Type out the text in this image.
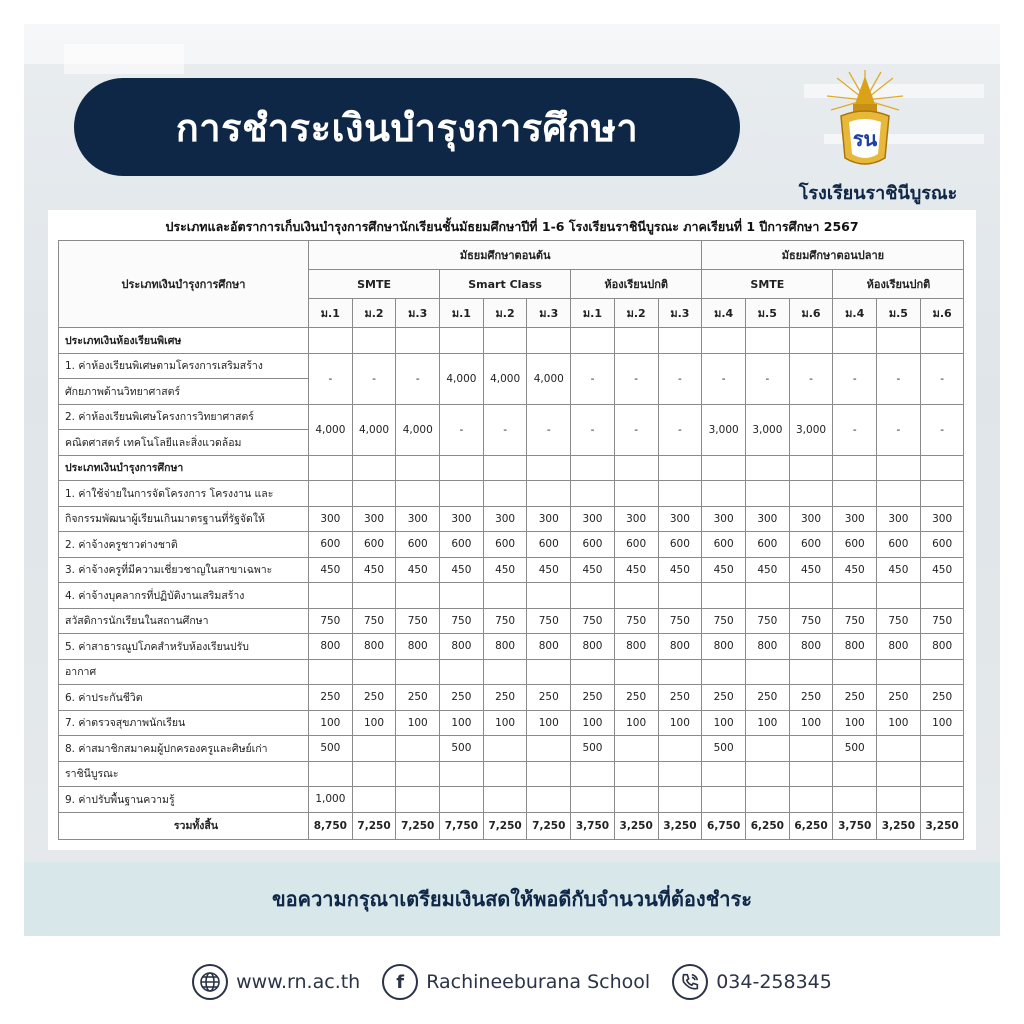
การชำระเงินบำรุงการศึกษา	รน
โรงเรียนราชินีบูรณะ
ประเภทและอัตราการเก็บเงินบำรุงการศึกษานักเรียนชั้นมัธยมศึกษาปีที่ 1-6 โรงเรียนราชินีบูรณะ ภาคเรียนที่ 1 ปีการศึกษา 2567
ประเภทเงินบำรุงการศึกษา	มัธยมศึกษาตอนต้น									มัธยมศึกษาตอนปลาย					
	SMTE			Smart Class			ห้องเรียนปกติ			SMTE			ห้องเรียนปกติ		
	ม.1	ม.2	ม.3	ม.1	ม.2	ม.3	ม.1	ม.2	ม.3	ม.4	ม.5	ม.6	ม.4	ม.5	ม.6
ประเภทเงินห้องเรียนพิเศษ															
1. ค่าห้องเรียนพิเศษตามโครงการเสริมสร้าง	-	-	-	4,000	4,000	4,000	-	-	-	-	-	-	-	-	-
ศักยภาพด้านวิทยาศาสตร์															
2. ค่าห้องเรียนพิเศษโครงการวิทยาศาสตร์	4,000	4,000	4,000	-	-	-	-	-	-	3,000	3,000	3,000	-	-	-
คณิตศาสตร์ เทคโนโลยีและสิ่งแวดล้อม															
ประเภทเงินบำรุงการศึกษา															
1. ค่าใช้จ่ายในการจัดโครงการ โครงงาน และ															
กิจกรรมพัฒนาผู้เรียนเกินมาตรฐานที่รัฐจัดให้	300	300	300	300	300	300	300	300	300	300	300	300	300	300	300
2. ค่าจ้างครูชาวต่างชาติ	600	600	600	600	600	600	600	600	600	600	600	600	600	600	600
3. ค่าจ้างครูที่มีความเชี่ยวชาญในสาขาเฉพาะ	450	450	450	450	450	450	450	450	450	450	450	450	450	450	450
4. ค่าจ้างบุคลากรที่ปฏิบัติงานเสริมสร้าง															
สวัสดิการนักเรียนในสถานศึกษา	750	750	750	750	750	750	750	750	750	750	750	750	750	750	750
5. ค่าสาธารณูปโภคสำหรับห้องเรียนปรับ	800	800	800	800	800	800	800	800	800	800	800	800	800	800	800
อากาศ															
6. ค่าประกันชีวิต	250	250	250	250	250	250	250	250	250	250	250	250	250	250	250
7. ค่าตรวจสุขภาพนักเรียน	100	100	100	100	100	100	100	100	100	100	100	100	100	100	100
8. ค่าสมาชิกสมาคมผู้ปกครองครูและศิษย์เก่า	500			500			500			500			500		
ราชินีบูรณะ															
9. ค่าปรับพื้นฐานความรู้	1,000														
รวมทั้งสิ้น	8,750	7,250	7,250	7,750	7,250	7,250	3,750	3,250	3,250	6,750	6,250	6,250	3,750	3,250	3,250
ขอความกรุณาเตรียมเงินสดให้พอดีกับจำนวนที่ต้องชำระ
www.rn.ac.th	f	Rachineeburana School	034-258345
